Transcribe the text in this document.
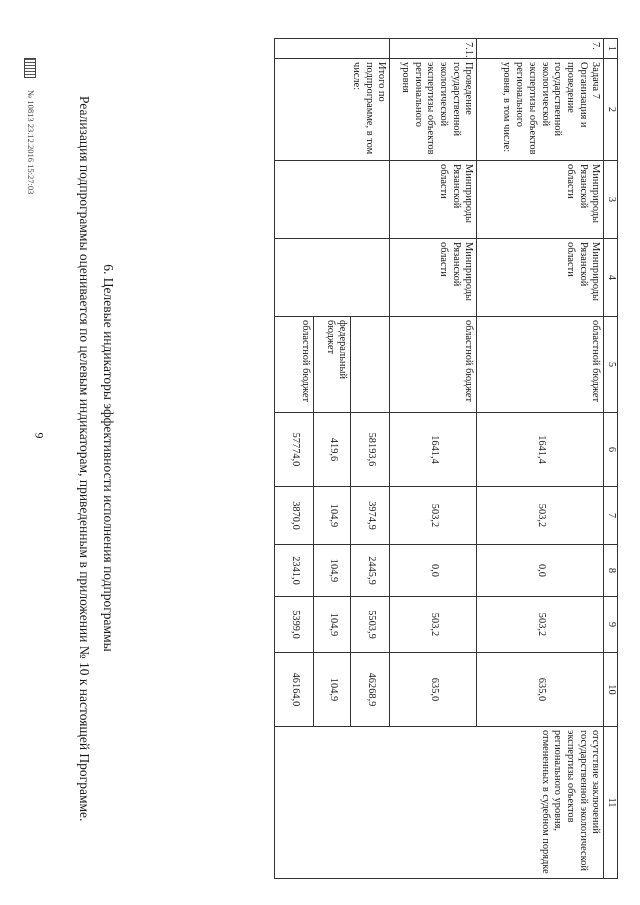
9
1	2	3	4	5	6	7	8	9	10	11
7.	Задача 7 Организация и проведение государственной экологической экспертизы объектов регионального уровня, в том числе:	Минприроды Рязанской области	Минприроды Рязанской области	областной бюджет	1641,4	503,2	0,0	503,2	635,0	отсутствие заключений государственной экологической экспертизы объектов регионального уровня, отмененных в судебном порядке
7.1.	Проведение государственной экологической экспертизы объектов регионального уровня	Минприроды Рязанской области	Минприроды Рязанской области	областной бюджет	1641,4	503,2	0,0	503,2	635,0	
	Итого по подпрограмме, в том числе:				58193,6	3974,9	2445,9	5503,9	46268,9	
				федеральный бюджет	419,6	104,9	104,9	104,9	104,9	
				областной бюджет	57774,0	3870,0	2341,0	5399,0	46164,0	
6. Целевые индикаторы эффективности исполнения подпрограммы
Реализация подпрограммы оценивается по целевым индикаторам, приведенным в приложении № 10 к настоящей Программе.
№ 10813 23.12.2016 15:27:03
